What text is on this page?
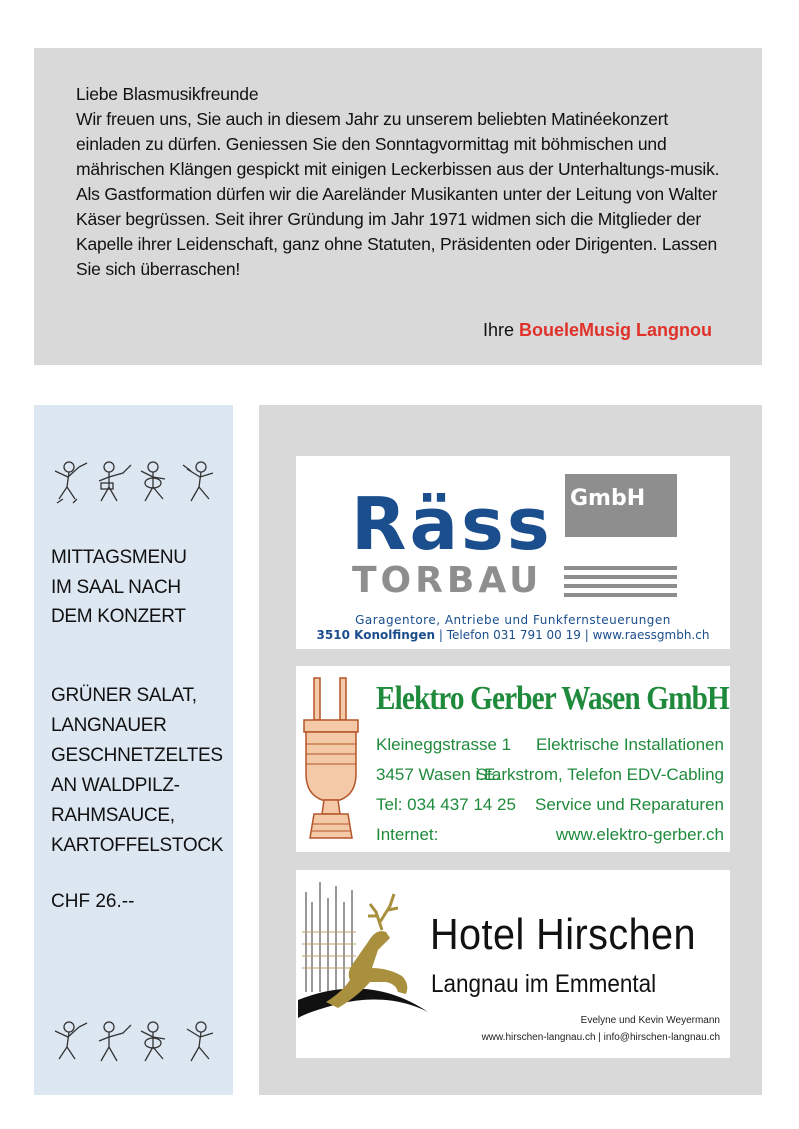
Liebe Blasmusikfreunde

Wir freuen uns, Sie auch in diesem Jahr zu unserem beliebten Matinéekonzert einladen zu dürfen. Geniessen Sie den Sonntagvormittag mit böhmischen und mährischen Klängen gespickt mit einigen Leckerbissen aus der Unterhaltungs-musik.

Als Gastformation dürfen wir die Aareländer Musikanten unter der Leitung von Walter Käser begrüssen. Seit ihrer Gründung im Jahr 1971 widmen sich die Mitglieder der Kapelle ihrer Leidenschaft, ganz ohne Statuten, Präsidenten oder Dirigenten. Lassen Sie sich überraschen!

Ihre BoueleMusig Langnou
MITTAGSMENU
IM SAAL NACH
DEM KONZERT
GRÜNER SALAT,
LANGNAUER
GESCHNETZELTES
AN WALDPILZ-
RAHMSAUCE,
KARTOFFELSTOCK
CHF 26.--
Räss GmbH
TORBAU
Garagentore, Antriebe und Funkfernsteuerungen
3510 Konolfingen | Telefon 031 791 00 19 | www.raessgmbh.ch
Elektro Gerber Wasen GmbH
Kleineggstrasse 1
3457 Wasen i.E.
Tel: 034 437 14 25
Internet:
Elektrische Installationen
Starkstrom, Telefon EDV-Cabling
Service und Reparaturen
www.elektro-gerber.ch
Hotel Hirschen
Langnau im Emmental
Evelyne und Kevin Weyermann
www.hirschen-langnau.ch | info@hirschen-langnau.ch
